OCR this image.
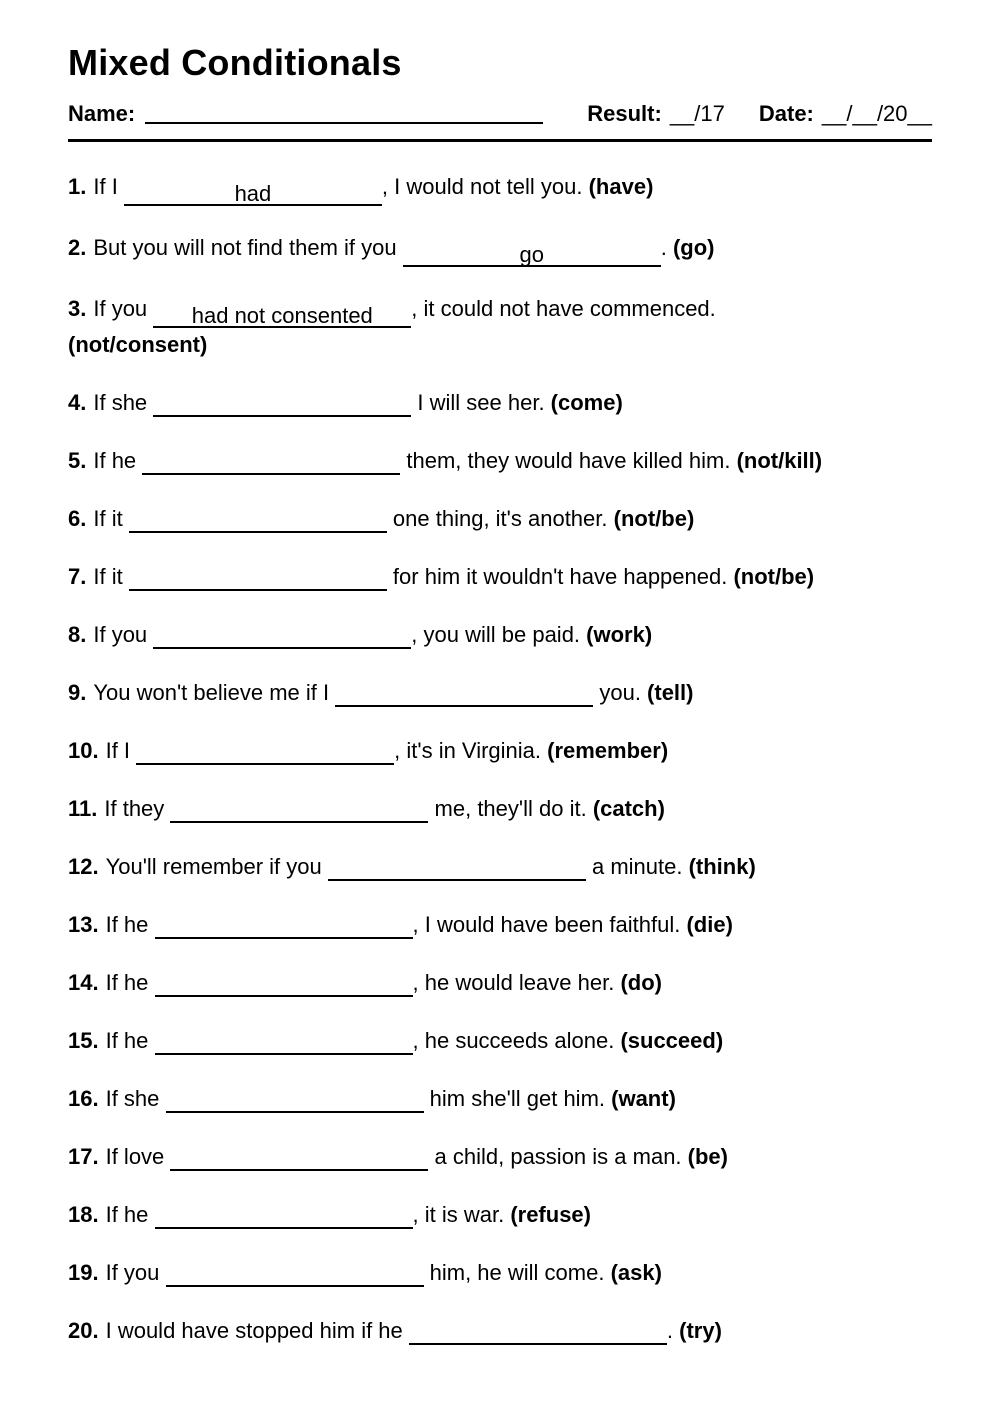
Mixed Conditionals
Name:	Result: __/17 Date: __/__/20__

1. If I	had	, I would not tell you. (have)

2. But you will not find them if you	go	. (go)

3. If you had not consented , it could not have commenced.
(not/consent)

4. If she	I will see her. (come)

5. If he	them, they would have killed him. (not/kill)

6. If it	one thing, it's another. (not/be)

7. If it	for him it wouldn't have happened. (not/be)

8. If you	, you will be paid. (work)

9. You won't believe me if I	you. (tell)

10. If I	, it's in Virginia. (remember)

11. If they	me, they'll do it. (catch)

12. You'll remember if you	a minute. (think)

13. If he	, I would have been faithful. (die)

14. If he	, he would leave her. (do)

15. If he	, he succeeds alone. (succeed)

16. If she	him she'll get him. (want)

17. If love	a child, passion is a man. (be)

18. If he	, it is war. (refuse)

19. If you	him, he will come. (ask)

20. I would have stopped him if he	. (try)
